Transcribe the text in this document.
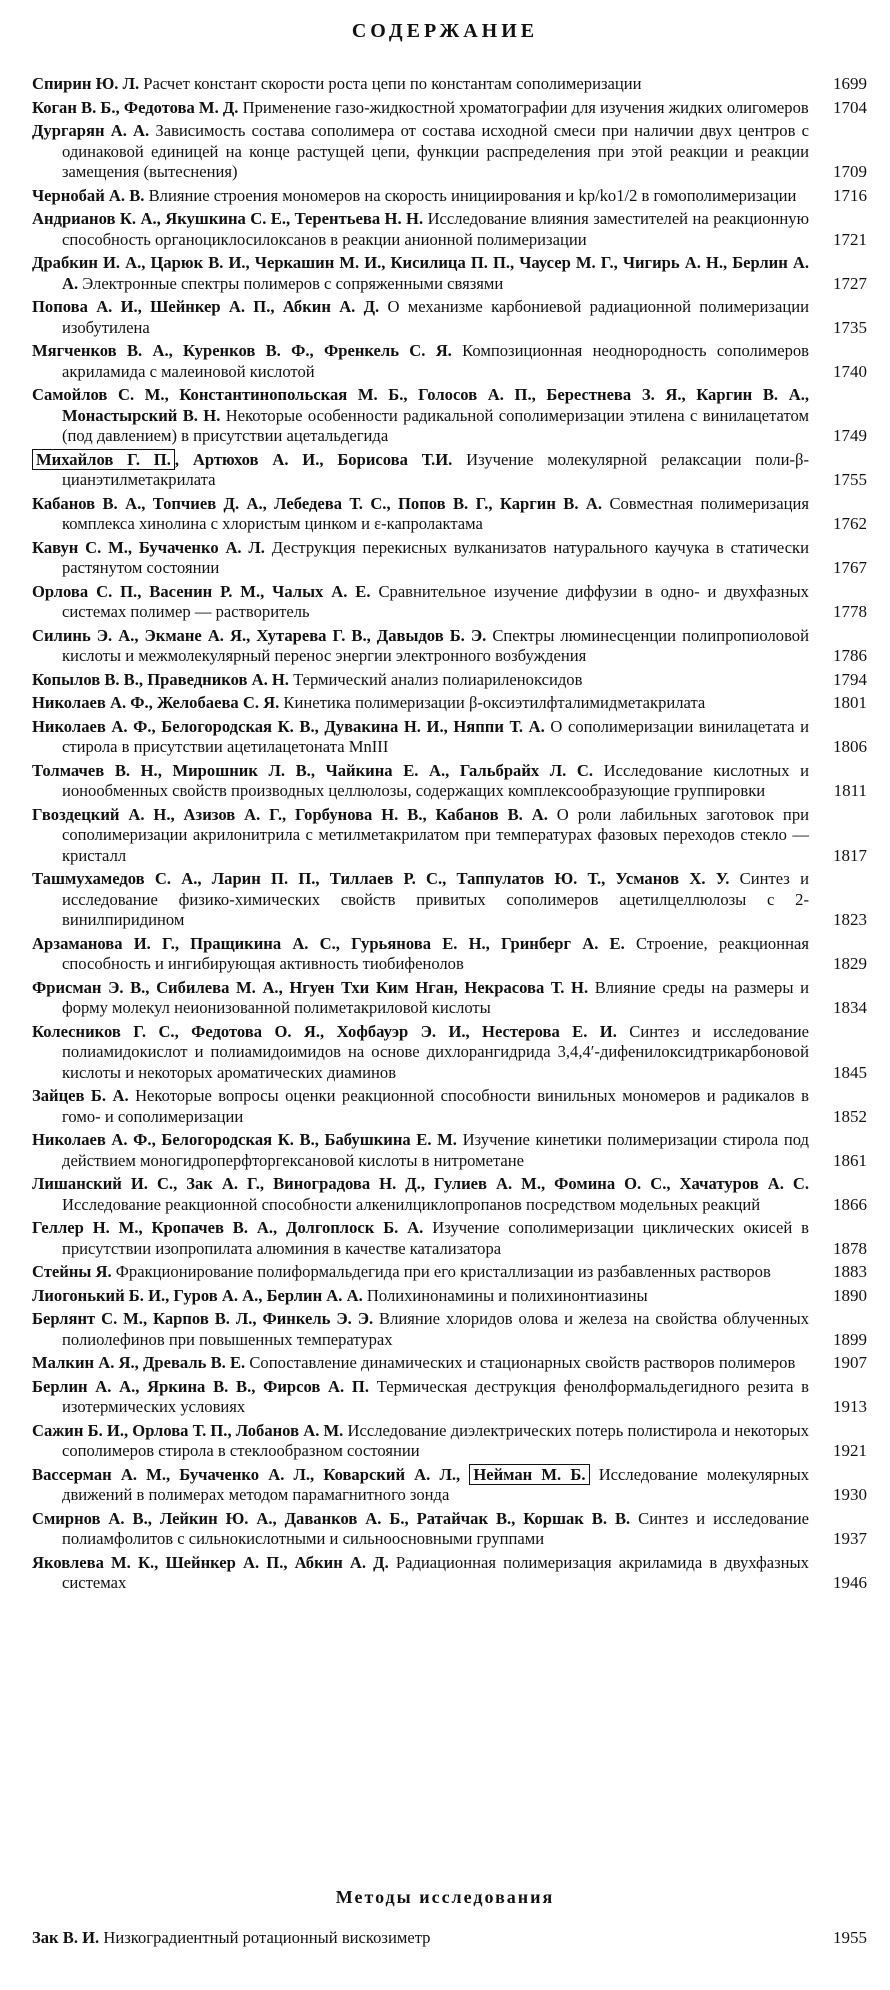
СОДЕРЖАНИЕ
Спирин Ю. Л. Расчет констант скорости роста цепи по константам сополимеризации	1699
Коган В. Б., Федотова М. Д. Применение газо-жидкостной хроматографии для изучения жидких олигомеров	1704
Дургарян А. А. Зависимость состава сополимера от состава исходной смеси при наличии двух центров с одинаковой единицей на конце растущей цепи, функции распределения при этой реакции и реакции замещения (вытеснения)	1709
Чернобай А. В. Влияние строения мономеров на скорость инициирования и kp/ko1/2 в гомополимеризации	1716
Андрианов К. А., Якушкина С. Е., Терентьева Н. Н. Исследование влияния заместителей на реакционную способность органоциклосилоксанов в реакции анионной полимеризации	1721
Драбкин И. А., Царюк В. И., Черкашин М. И., Кисилица П. П., Чаусер М. Г., Чигирь А. Н., Берлин А. А. Электронные спектры полимеров с сопряженными связями	1727
Попова А. И., Шейнкер А. П., Абкин А. Д. О механизме карбониевой радиационной полимеризации изобутилена	1735
Мягченков В. А., Куренков В. Ф., Френкель С. Я. Композиционная неоднородность сополимеров акриламида с малеиновой кислотой	1740
Самойлов С. М., Константинопольская М. Б., Голосов А. П., Берестнева З. Я., Каргин В. А., Монастырский В. Н. Некоторые особенности радикальной сополимеризации этилена с винилацетатом (под давлением) в присутствии ацетальдегида	1749
Михайлов Г. П. , Артюхов А. И., Борисова Т.И. Изучение молекулярной релаксации поли-β-цианэтилметакрилата	1755
Кабанов В. А., Топчиев Д. А., Лебедева Т. С., Попов В. Г., Каргин В. А. Совместная полимеризация комплекса хинолина с хлористым цинком и ε-капролактама	1762
Кавун С. М., Бучаченко А. Л. Деструкция перекисных вулканизатов натурального каучука в статически растянутом состоянии	1767
Орлова С. П., Васенин Р. М., Чалых А. Е. Сравнительное изучение диффузии в одно- и двухфазных системах полимер — растворитель	1778
Силинь Э. А., Экмане А. Я., Хутарева Г. В., Давыдов Б. Э. Спектры люминесценции полипропиоловой кислоты и межмолекулярный перенос энергии электронного возбуждения	1786
Копылов В. В., Праведников А. Н. Термический анализ полиариленоксидов	1794
Николаев А. Ф., Желобаева С. Я. Кинетика полимеризации β-оксиэтилфталимидметакрилата	1801
Николаев А. Ф., Белогородская К. В., Дувакина Н. И., Няппи Т. А. О сополимеризации винилацетата и стирола в присутствии ацетилацетоната MnIII	1806
Толмачев В. Н., Мирошник Л. В., Чайкина Е. А., Гальбрайх Л. С. Исследование кислотных и ионообменных свойств производных целлюлозы, содержащих комплексообразующие группировки	1811
Гвоздецкий А. Н., Азизов А. Г., Горбунова Н. В., Кабанов В. А. О роли лабильных заготовок при сополимеризации акрилонитрила с метилметакрилатом при температурах фазовых переходов стекло — кристалл	1817
Ташмухамедов С. А., Ларин П. П., Тиллаев Р. С., Таппулатов Ю. Т., Усманов Х. У. Синтез и исследование физико-химических свойств привитых сополимеров ацетилцеллюлозы с 2-винилпиридином	1823
Арзаманова И. Г., Пращикина А. С., Гурьянова Е. Н., Гринберг А. Е. Строение, реакционная способность и ингибирующая активность тиобифенолов	1829
Фрисман Э. В., Сибилева М. А., Нгуен Тхи Ким Нган, Некрасова Т. Н. Влияние среды на размеры и форму молекул неионизованной полиметакриловой кислоты	1834
Колесников Г. С., Федотова О. Я., Хофбауэр Э. И., Нестерова Е. И. Синтез и исследование полиамидокислот и полиамидоимидов на основе дихлорангидрида 3,4,4′-дифенилоксидтрикарбоновой кислоты и некоторых ароматических диаминов	1845
Зайцев Б. А. Некоторые вопросы оценки реакционной способности винильных мономеров и радикалов в гомо- и сополимеризации	1852
Николаев А. Ф., Белогородская К. В., Бабушкина Е. М. Изучение кинетики полимеризации стирола под действием моногидроперфторгексановой кислоты в нитрометане	1861
Лишанский И. С., Зак А. Г., Виноградова Н. Д., Гулиев А. М., Фомина О. С., Хачатуров А. С. Исследование реакционной способности алкенилциклопропанов посредством модельных реакций	1866
Геллер Н. М., Кропачев В. А., Долгоплоск Б. А. Изучение сополимеризации циклических окисей в присутствии изопропилата алюминия в качестве катализатора	1878
Стейны Я. Фракционирование полиформальдегида при его кристаллизации из разбавленных растворов	1883
Лиогонький Б. И., Гуров А. А., Берлин А. А. Полихинонамины и полихинонтиазины	1890
Берлянт С. М., Карпов В. Л., Финкель Э. Э. Влияние хлоридов олова и железа на свойства облученных полиолефинов при повышенных температурах	1899
Малкин А. Я., Древаль В. Е. Сопоставление динамических и стационарных свойств растворов полимеров	1907
Берлин А. А., Яркина В. В., Фирсов А. П. Термическая деструкция фенолформальдегидного резита в изотермических условиях	1913
Сажин Б. И., Орлова Т. П., Лобанов А. М. Исследование диэлектрических потерь полистирола и некоторых сополимеров стирола в стеклообразном состоянии	1921
Вассерман А. М., Бучаченко А. Л., Коварский А. Л., Нейман М. Б. Исследование молекулярных движений в полимерах методом парамагнитного зонда	1930
Смирнов А. В., Лейкин Ю. А., Даванков А. Б., Ратайчак В., Коршак В. В. Синтез и исследование полиамфолитов с сильнокислотными и сильноосновными группами	1937
Яковлева М. К., Шейнкер А. П., Абкин А. Д. Радиационная полимеризация акриламида в двухфазных системах	1946
Методы исследования
Зак В. И. Низкоградиентный ротационный вискозиметр	1955
